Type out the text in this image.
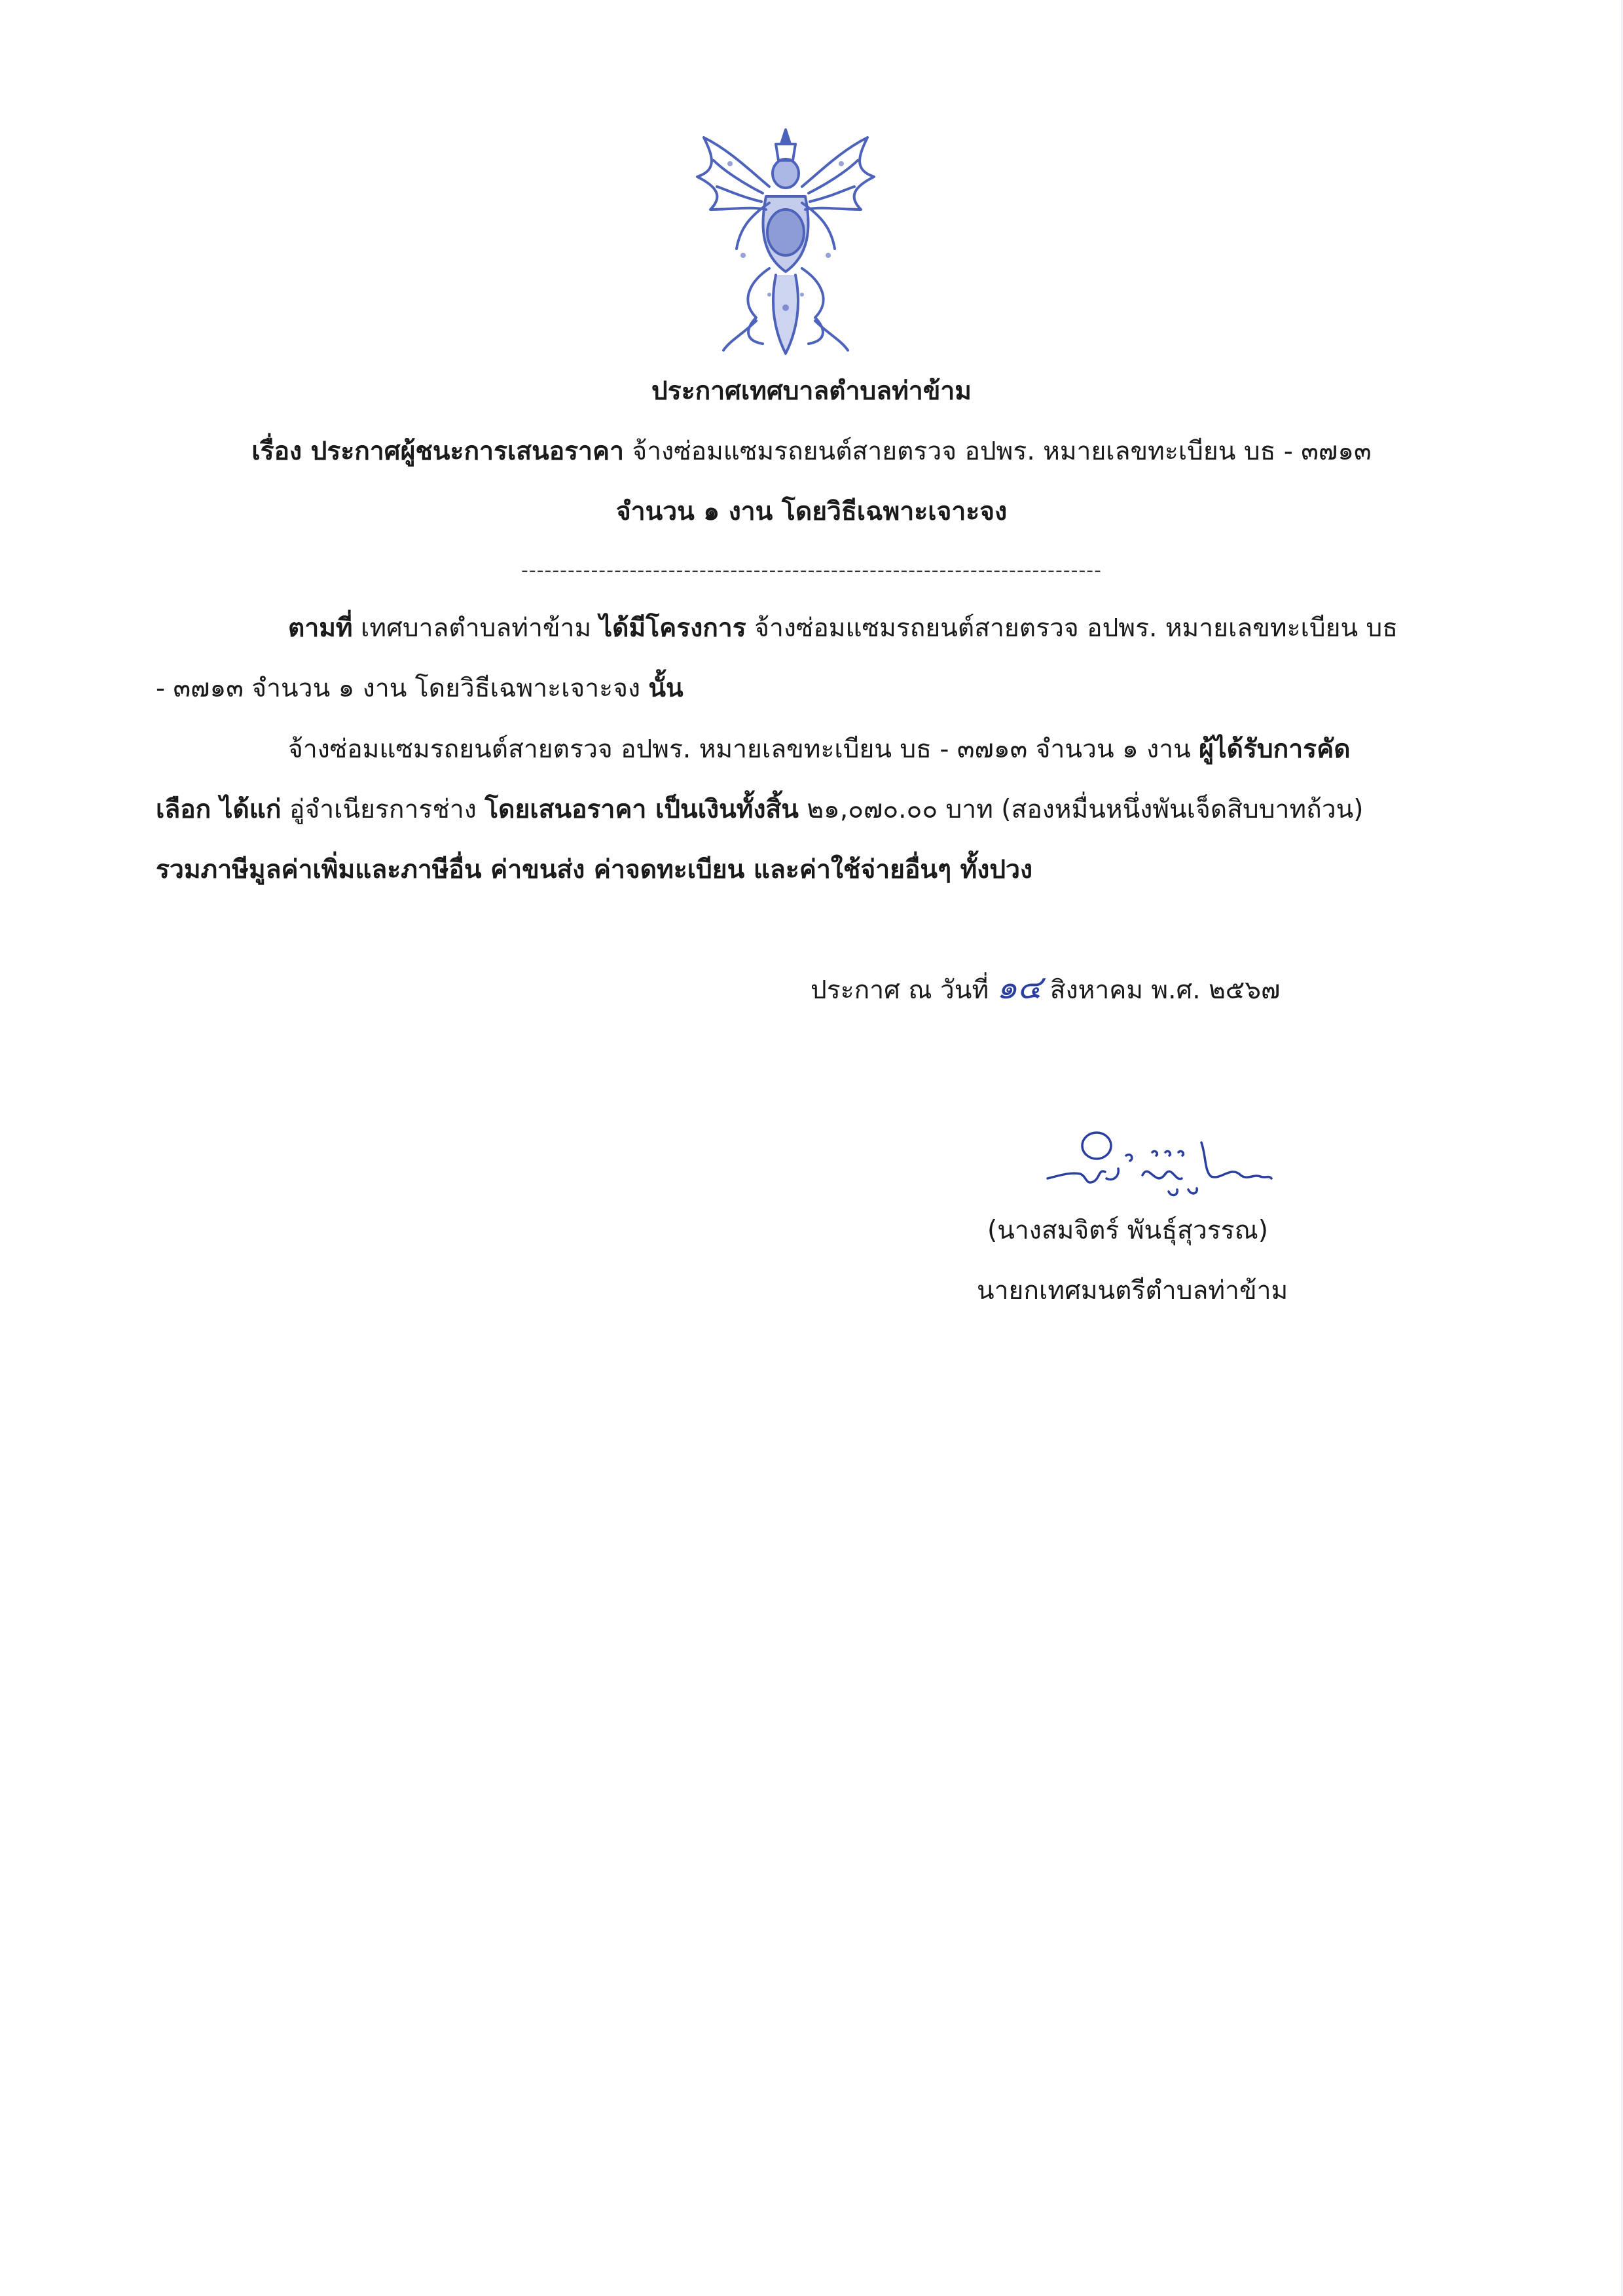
ประกาศเทศบาลตำบลท่าข้าม
เรื่อง ประกาศผู้ชนะการเสนอราคา จ้างซ่อมแซมรถยนต์สายตรวจ อปพร. หมายเลขทะเบียน บธ - ๓๗๑๓
จำนวน ๑ งาน โดยวิธีเฉพาะเจาะจง
---------------------------------------------------------------------------
ตามที่ เทศบาลตำบลท่าข้าม ได้มีโครงการ จ้างซ่อมแซมรถยนต์สายตรวจ อปพร. หมายเลขทะเบียน บธ
- ๓๗๑๓ จำนวน ๑ งาน โดยวิธีเฉพาะเจาะจง นั้น
จ้างซ่อมแซมรถยนต์สายตรวจ อปพร. หมายเลขทะเบียน บธ - ๓๗๑๓ จำนวน ๑ งาน ผู้ได้รับการคัด
เลือก ได้แก่ อู่จำเนียรการช่าง โดยเสนอราคา เป็นเงินทั้งสิ้น ๒๑,๐๗๐.๐๐ บาท (สองหมื่นหนึ่งพันเจ็ดสิบบาทถ้วน)
รวมภาษีมูลค่าเพิ่มและภาษีอื่น ค่าขนส่ง ค่าจดทะเบียน และค่าใช้จ่ายอื่นๆ ทั้งปวง
ประกาศ ณ วันที่ ๑๔ สิงหาคม พ.ศ. ๒๕๖๗
(นางสมจิตร์ พันธุ์สุวรรณ)
นายกเทศมนตรีตำบลท่าข้าม
